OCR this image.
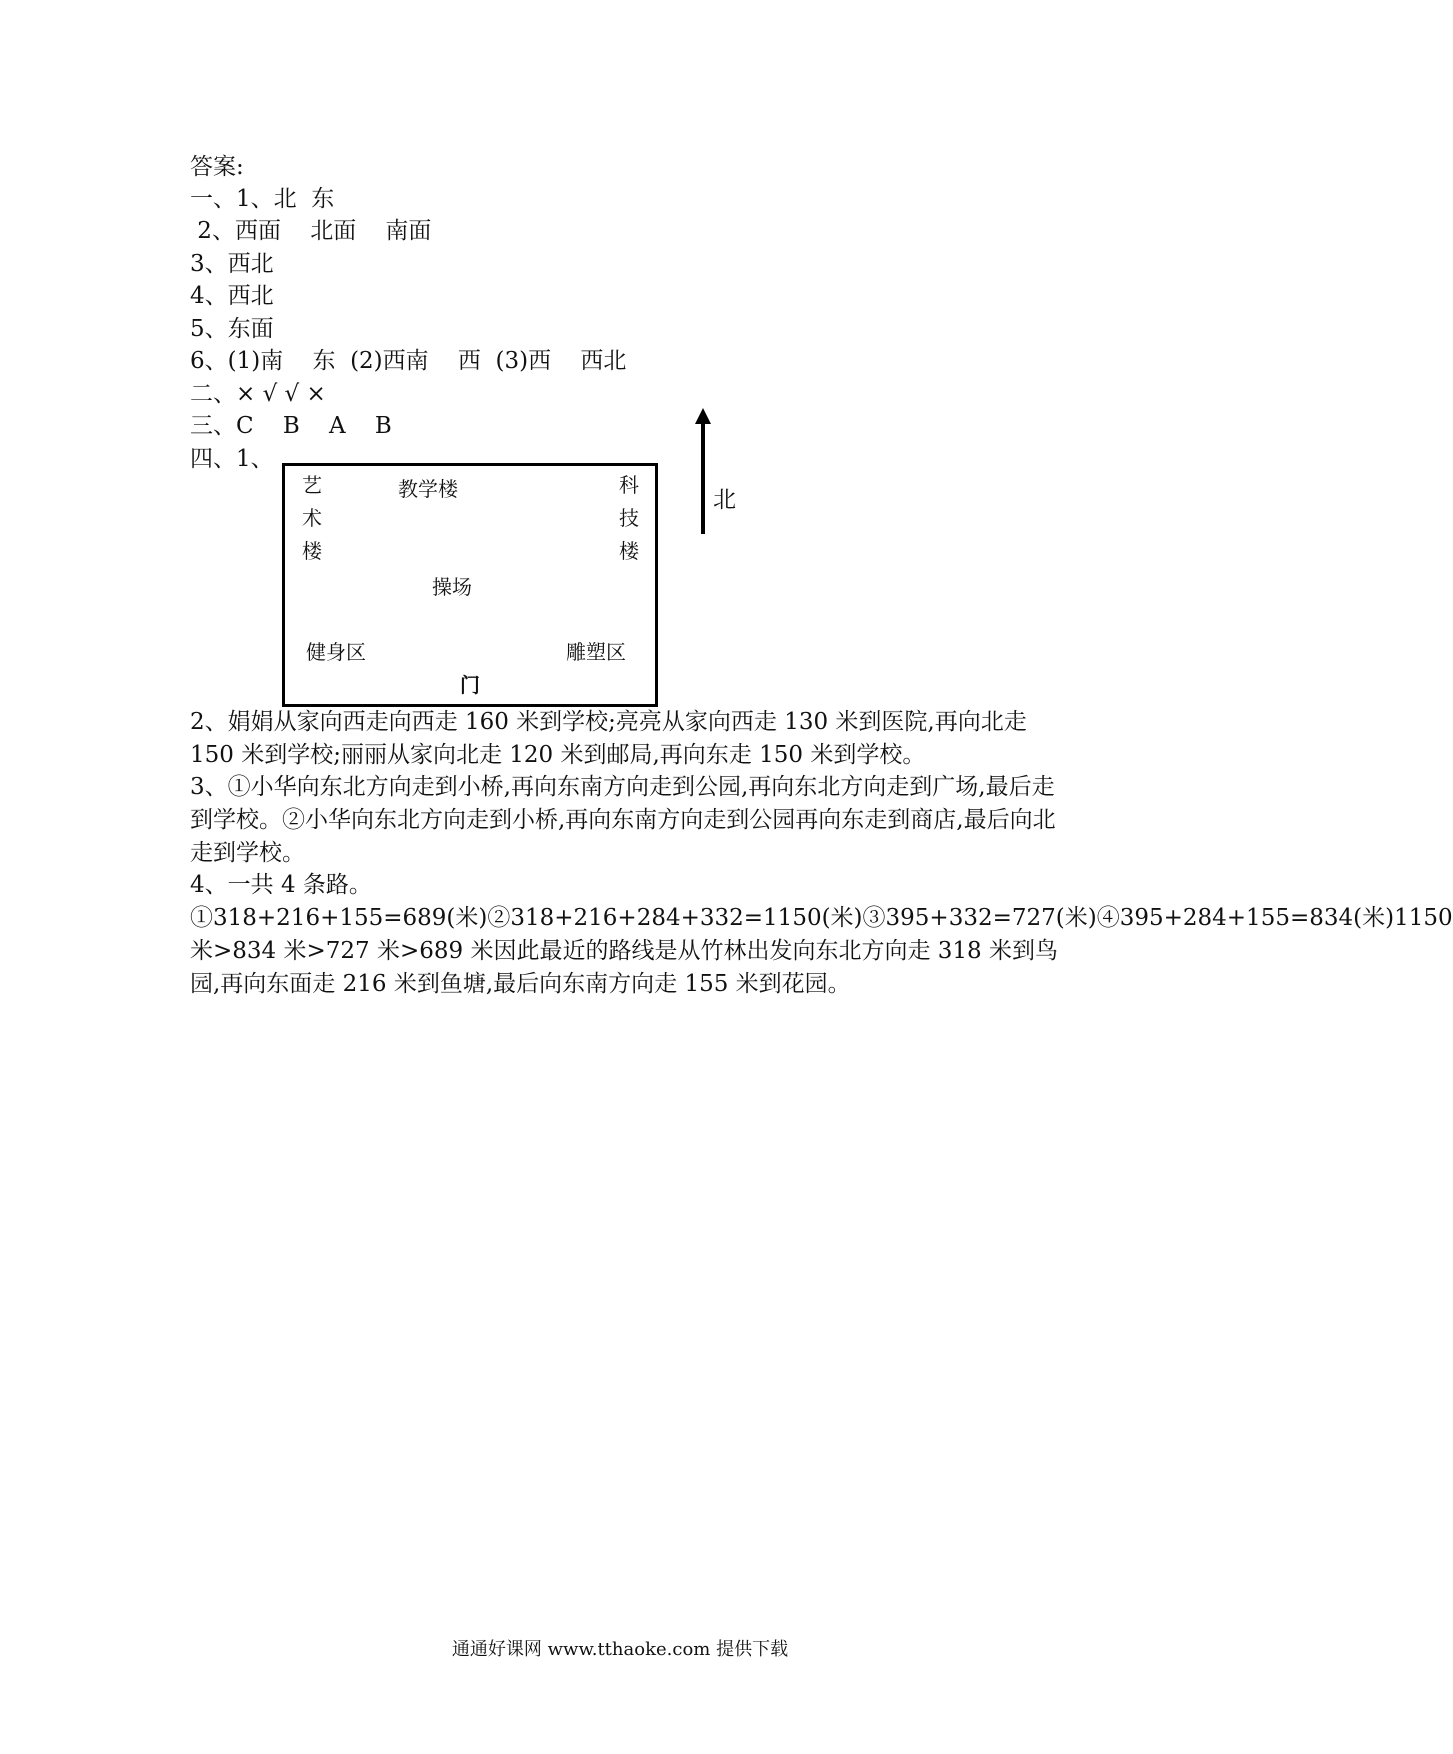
答案:
一、1、北  东
2、西面    北面    南面
3、西北
4、西北
5、东面
6、(1)南    东  (2)西南    西  (3)西    西北
二、× √ √ ×
三、C    B    A    B
四、1、
艺
术
楼
教学楼	科
技
楼
操场
健身区	雕塑区
门
北
2、娟娟从家向西走向西走 160 米到学校;亮亮从家向西走 130 米到医院,再向北走 150 米到学校;丽丽从家向北走 120 米到邮局,再向东走 150 米到学校。
3、①小华向东北方向走到小桥,再向东南方向走到公园,再向东北方向走到广场,最后走到学校。②小华向东北方向走到小桥,再向东南方向走到公园再向东走到商店,最后向北走到学校。
4、一共 4 条路。①318+216+155=689(米)②318+216+284+332=1150(米)③395+332=727(米)④395+284+155=834(米)1150 米>834 米>727 米>689 米因此最近的路线是从竹林出发向东北方向走 318 米到鸟园,再向东面走 216 米到鱼塘,最后向东南方向走 155 米到花园。
通通好课网 www.tthaoke.com 提供下载
